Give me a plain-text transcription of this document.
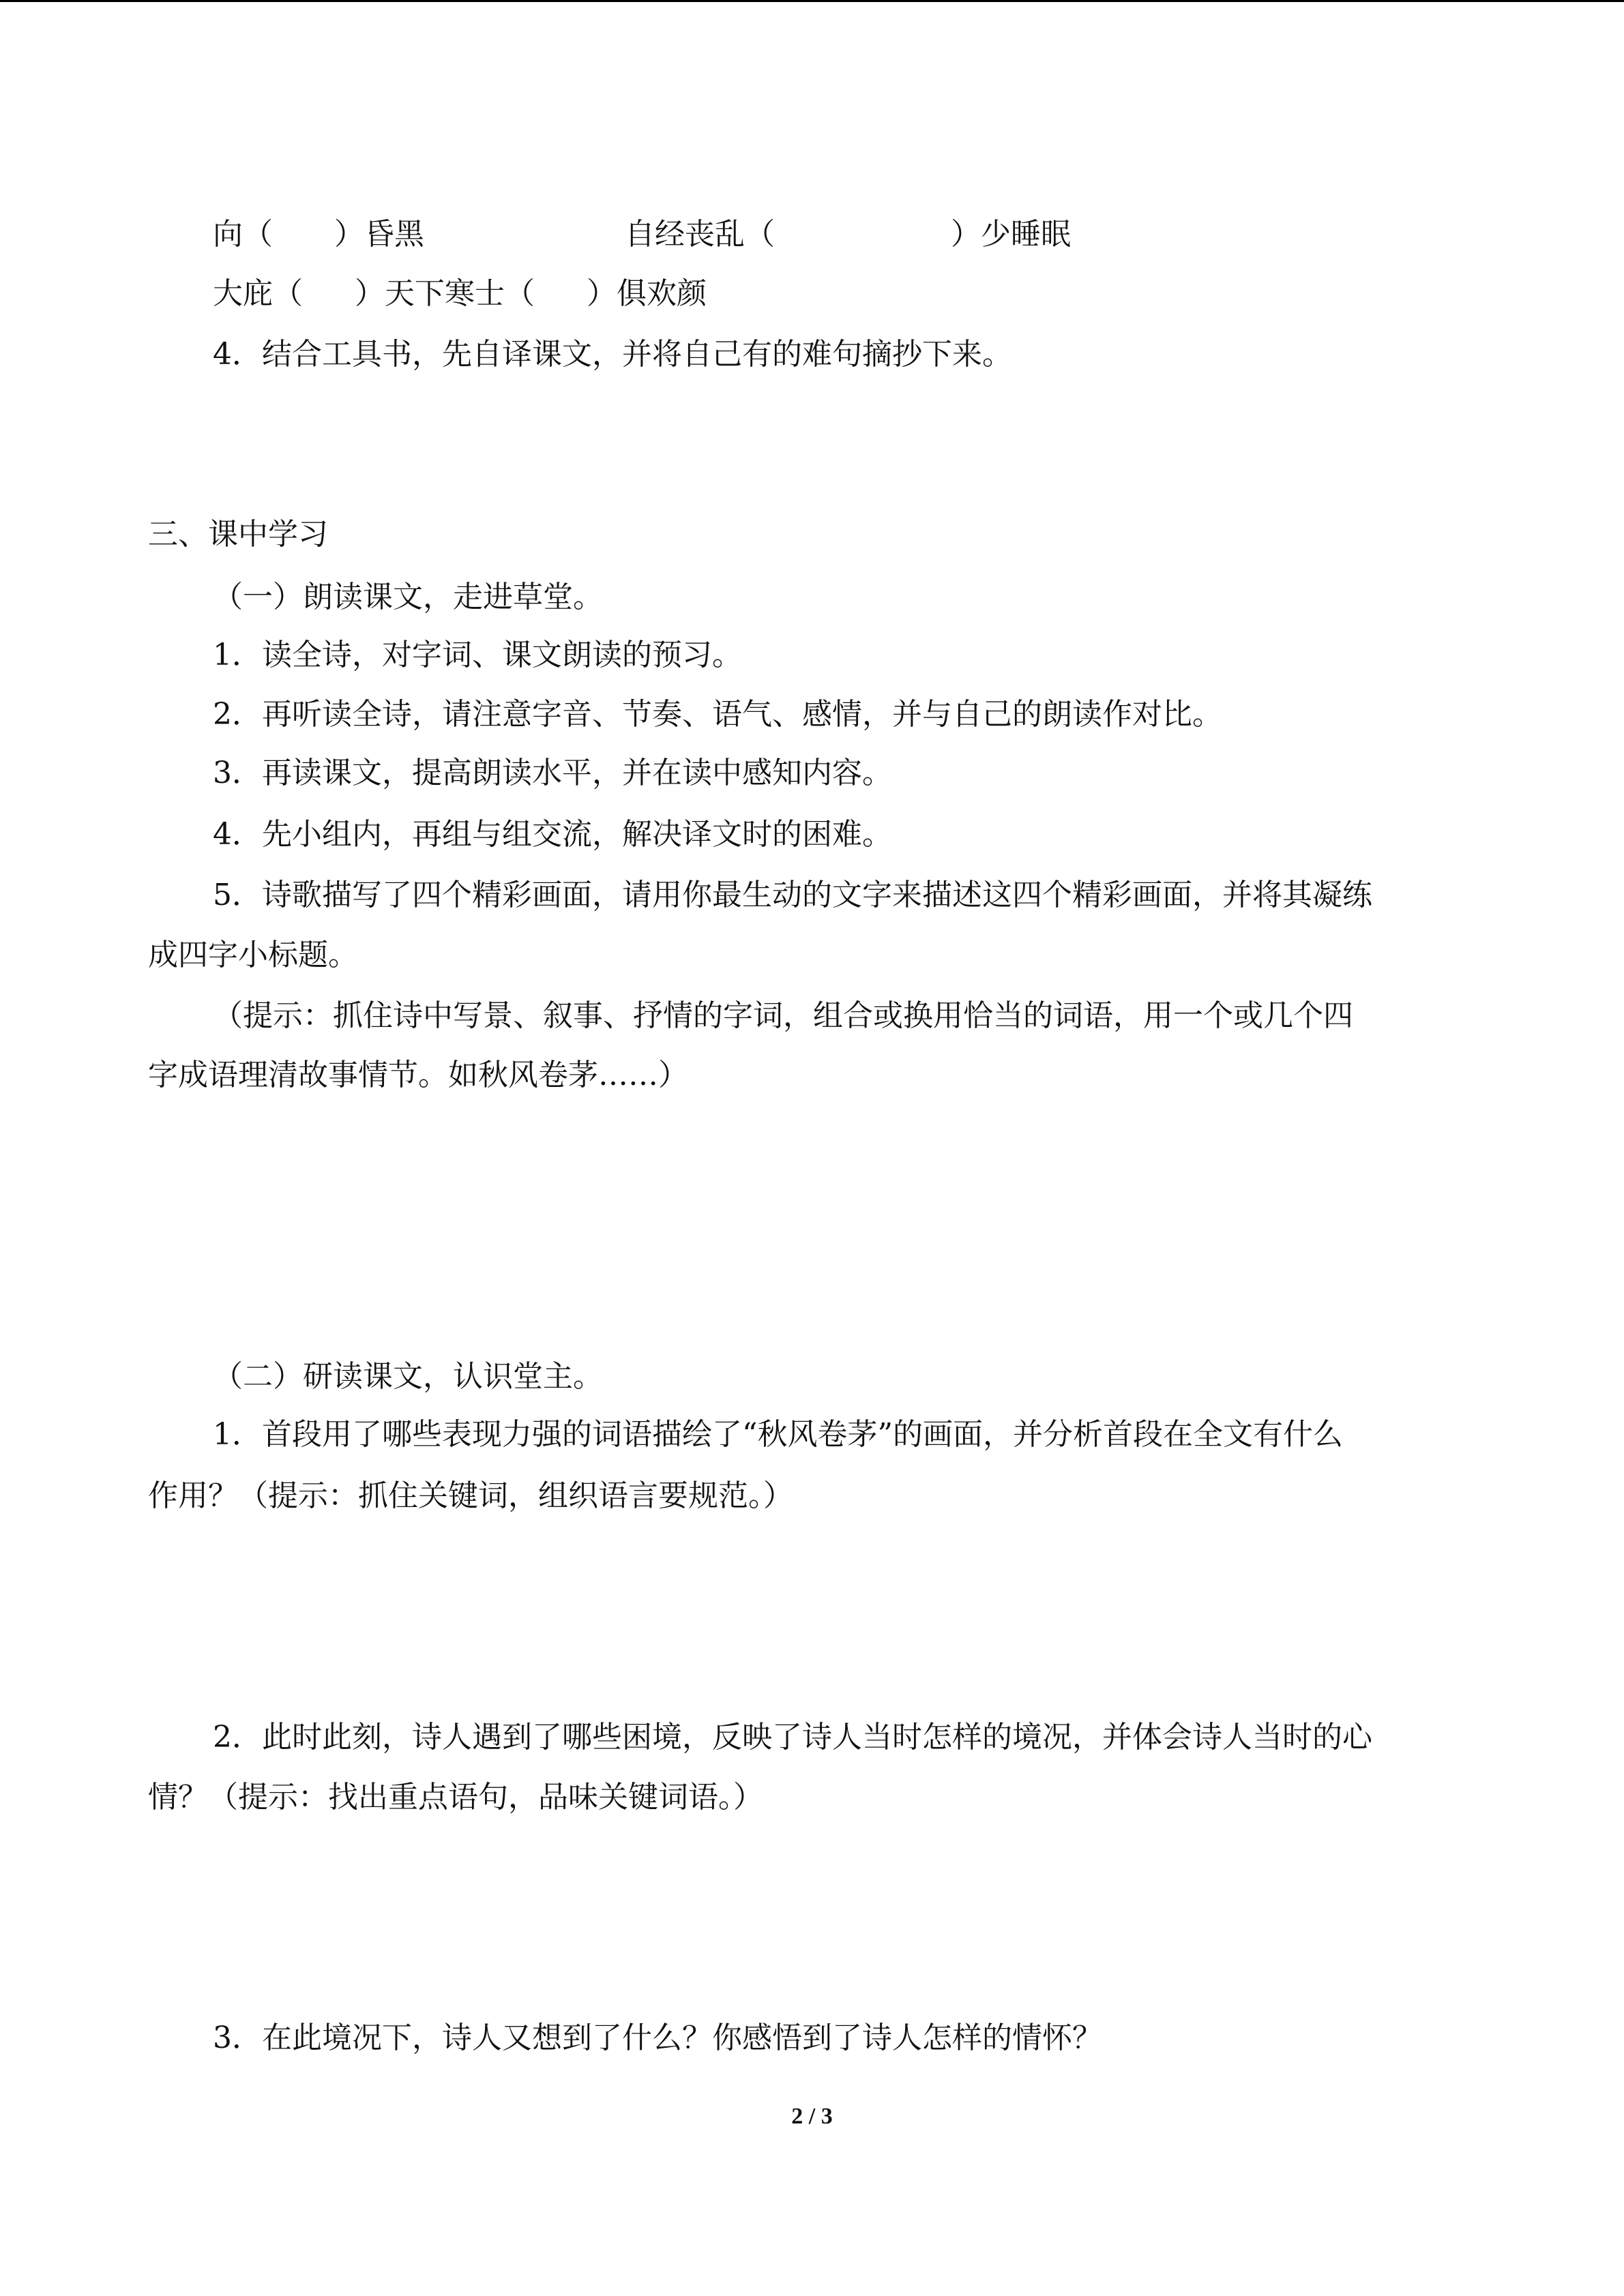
向（ ）昏黑	自经丧乱（	）少睡眠
大庇（ ）天下寒士（ ）俱欢颜
4．结合工具书，先自译课文，并将自己有的难句摘抄下来。
三、课中学习
（一）朗读课文，走进草堂。
1．读全诗，对字词、课文朗读的预习。
2．再听读全诗，请注意字音、节奏、语气、感情，并与自己的朗读作对比。
3．再读课文，提高朗读水平，并在读中感知内容。
4．先小组内，再组与组交流，解决译文时的困难。
5．诗歌描写了四个精彩画面，请用你最生动的文字来描述这四个精彩画面，并将其凝练
成四字小标题。
（提示：抓住诗中写景、叙事、抒情的字词，组合或换用恰当的词语，用一个或几个四
字成语理清故事情节。如秋风卷茅……）
（二）研读课文，认识堂主。
1．首段用了哪些表现力强的词语描绘了“秋风卷茅”的画面，并分析首段在全文有什么
作用？（提示：抓住关键词，组织语言要规范。）
2．此时此刻，诗人遇到了哪些困境，反映了诗人当时怎样的境况，并体会诗人当时的心
情？（提示：找出重点语句，品味关键词语。）
3．在此境况下，诗人又想到了什么？你感悟到了诗人怎样的情怀？
2 / 3
